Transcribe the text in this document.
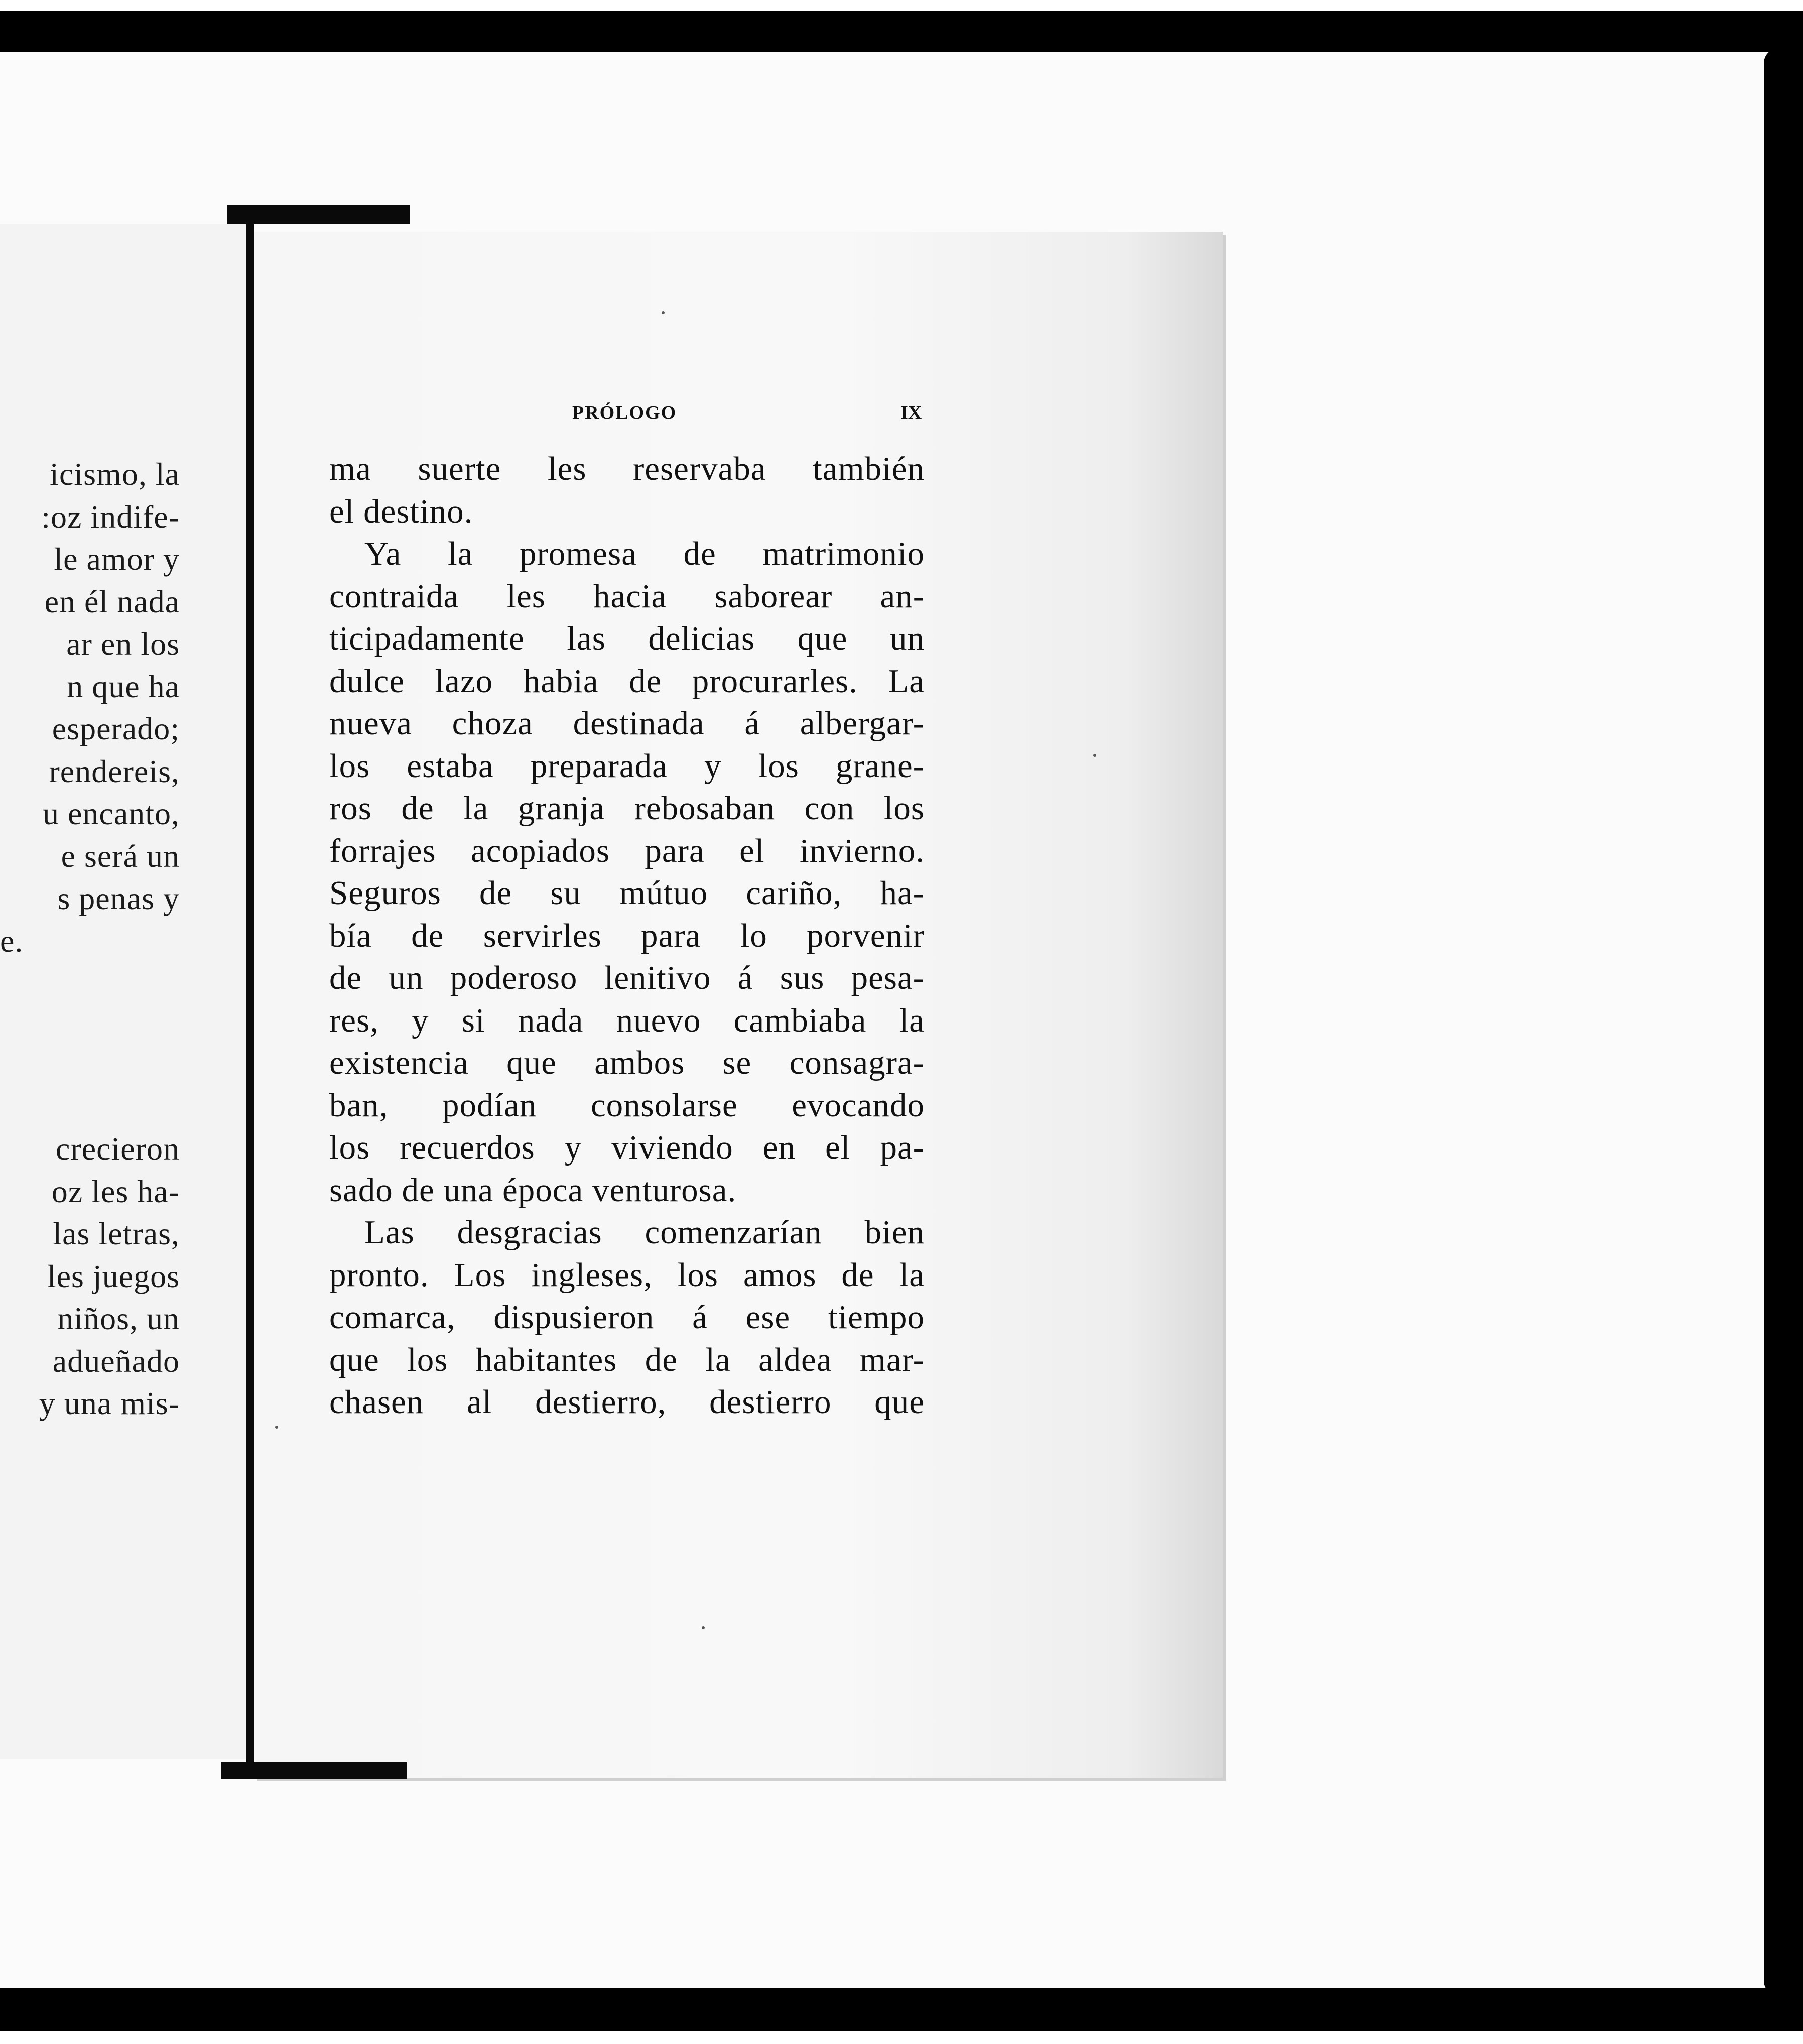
icismo, la
:oz indife-
le amor y
en él nada
ar en los
n que ha
esperado;
rendereis,
u encanto,
e será un
s penas y
e.
crecieron
oz les ha-
las letras,
les juegos
niños, un
adueñado
y una mis-
PRÓLOGO	IX
ma suerte les reservaba también
el destino.
Ya la promesa de matrimonio
contraida les hacia saborear an-
ticipadamente las delicias que un
dulce lazo habia de procurarles. La
nueva choza destinada á albergar-
los estaba preparada y los grane-
ros de la granja rebosaban con los
forrajes acopiados para el invierno.
Seguros de su mútuo cariño, ha-
bía de servirles para lo porvenir
de un poderoso lenitivo á sus pesa-
res, y si nada nuevo cambiaba la
existencia que ambos se consagra-
ban, podían consolarse evocando
los recuerdos y viviendo en el pa-
sado de una época venturosa.
Las desgracias comenzarían bien
pronto. Los ingleses, los amos de la
comarca, dispusieron á ese tiempo
que los habitantes de la aldea mar-
chasen al destierro, destierro que
